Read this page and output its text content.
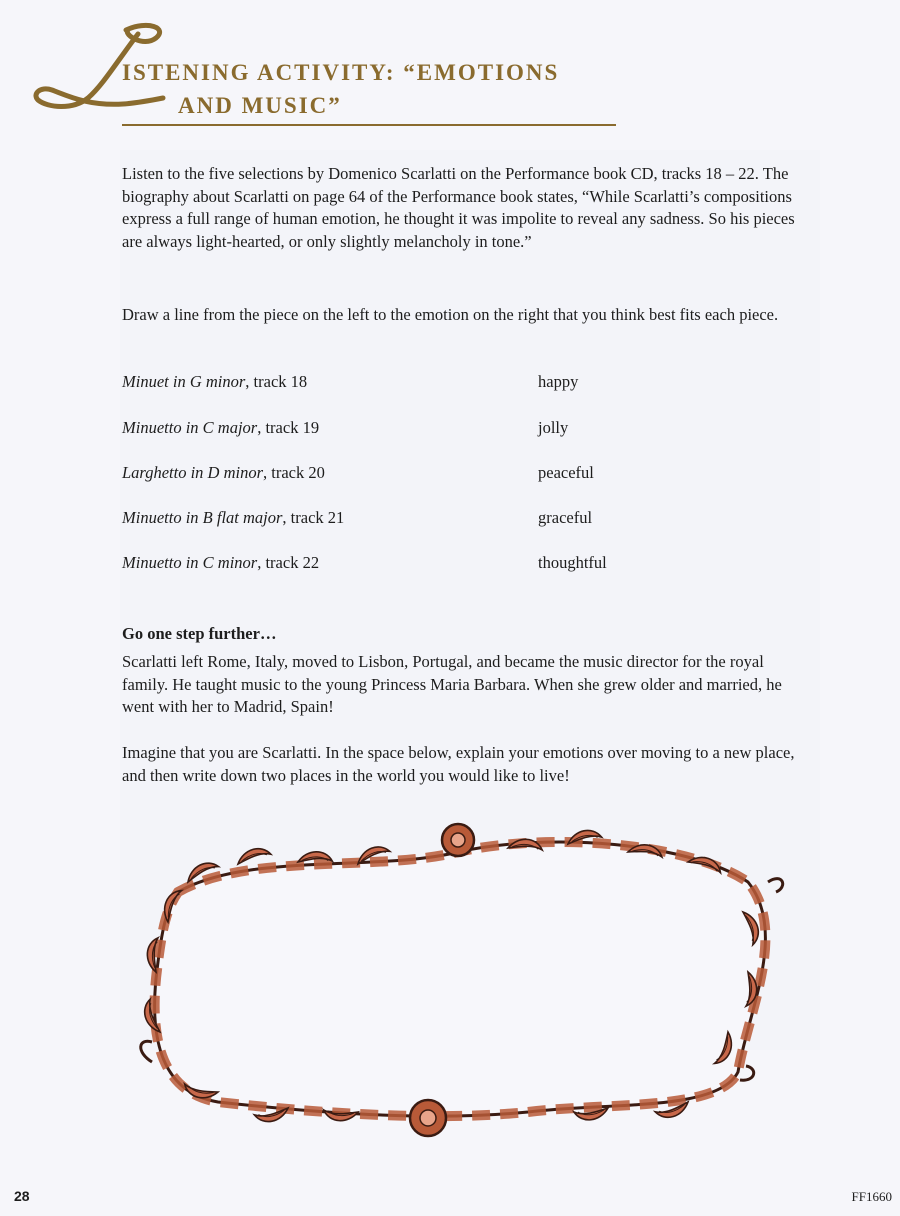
ISTENING ACTIVITY: “EMOTIONS
AND MUSIC”
Listen to the five selections by Domenico Scarlatti on the Performance book CD, tracks 18 – 22. The biography about Scarlatti on page 64 of the Performance book states, “While Scarlatti’s compositions express a full range of human emotion, he thought it was impolite to reveal any sadness. So his pieces are always light-hearted, or only slightly melancholy in tone.”
Draw a line from the piece on the left to the emotion on the right that you think best fits each piece.
Minuet in G minor, track 18	happy
Minuetto in C major, track 19	jolly
Larghetto in D minor, track 20	peaceful
Minuetto in B flat major, track 21	graceful
Minuetto in C minor, track 22	thoughtful
Go one step further…
Scarlatti left Rome, Italy, moved to Lisbon, Portugal, and became the music director for the royal family. He taught music to the young Princess Maria Barbara. When she grew older and married, he went with her to Madrid, Spain!
Imagine that you are Scarlatti. In the space below, explain your emotions over moving to a new place, and then write down two places in the world you would like to live!
28	FF1660
